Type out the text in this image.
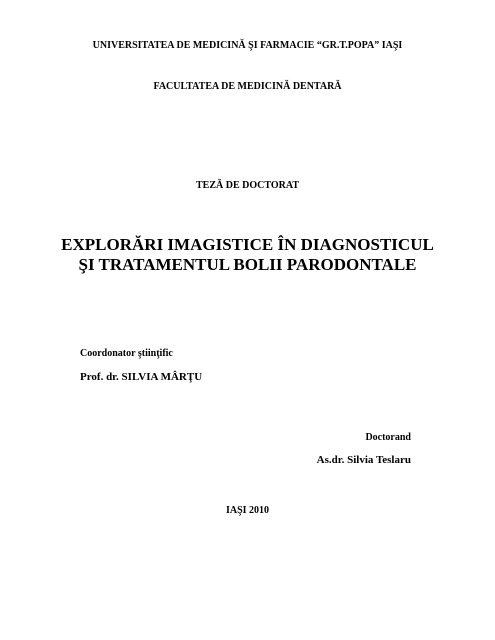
UNIVERSITATEA DE MEDICINĂ ŞI FARMACIE “GR.T.POPA” IAŞI
FACULTATEA DE MEDICINĂ DENTARĂ
TEZĂ DE DOCTORAT
EXPLORĂRI IMAGISTICE ÎN DIAGNOSTICUL
ŞI TRATAMENTUL BOLII PARODONTALE
Coordonator ştiinţific
Prof. dr. SILVIA MÂRŢU
Doctorand
As.dr. Silvia Teslaru
IAŞI 2010
